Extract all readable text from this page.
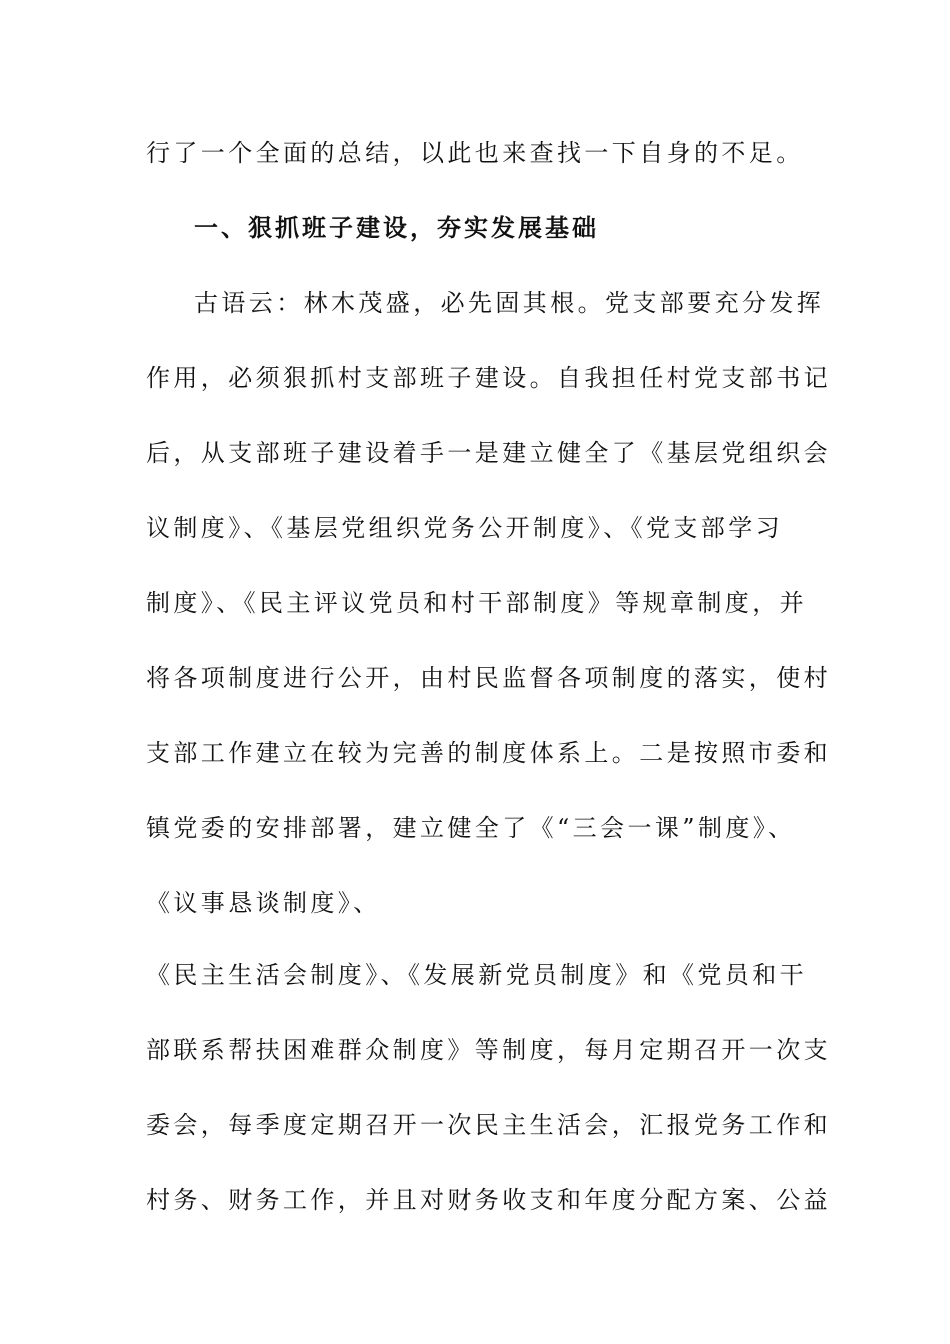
行了一个全面的总结，以此也来查找一下自身的不足。
一、狠抓班子建设，夯实发展基础
古语云：林木茂盛，必先固其根。党支部要充分发挥
作用，必须狠抓村支部班子建设。自我担任村党支部书记
后，从支部班子建设着手一是建立健全了《基层党组织会
议制度》、《基层党组织党务公开制度》、《党支部学习
制度》、《民主评议党员和村干部制度》等规章制度，并
将各项制度进行公开，由村民监督各项制度的落实，使村
支部工作建立在较为完善的制度体系上。二是按照市委和
镇党委的安排部署，建立健全了《“三会一课”制度》、
《议事恳谈制度》、
《民主生活会制度》、《发展新党员制度》和《党员和干
部联系帮扶困难群众制度》等制度，每月定期召开一次支
委会，每季度定期召开一次民主生活会，汇报党务工作和
村务、财务工作，并且对财务收支和年度分配方案、公益
